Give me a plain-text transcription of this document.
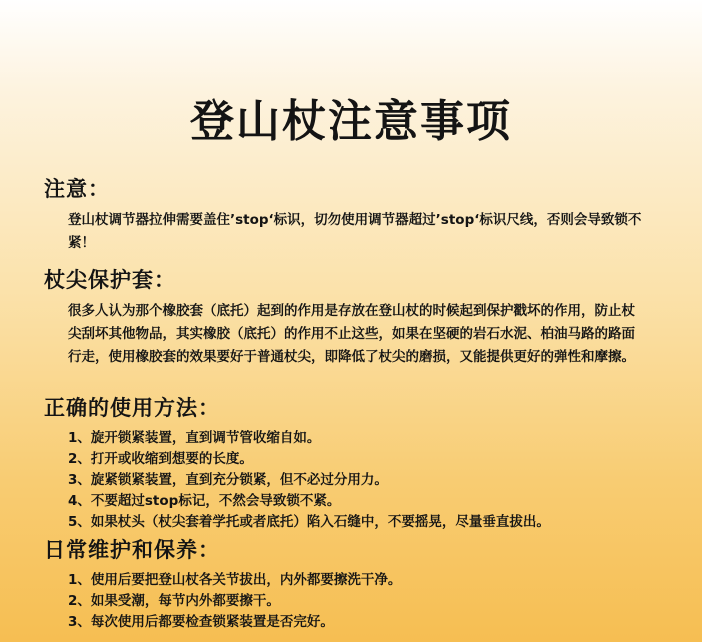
登山杖注意事项
注意：

登山杖调节器拉伸需要盖住’stop‘标识，切勿使用调节器超过’stop‘标识尺线，否则会导致锁不紧！

杖尖保护套：

很多人认为那个橡胶套（底托）起到的作用是存放在登山杖的时候起到保护戳坏的作用，防止杖尖刮坏其他物品，其实橡胶（底托）的作用不止这些，如果在坚硬的岩石水泥、柏油马路的路面行走，使用橡胶套的效果要好于普通杖尖，即降低了杖尖的磨损，又能提供更好的弹性和摩擦。

正确的使用方法：
1、旋开锁紧装置，直到调节管收缩自如。
2、打开或收缩到想要的长度。
3、旋紧锁紧装置，直到充分锁紧，但不必过分用力。
4、不要超过stop标记，不然会导致锁不紧。
5、如果杖头（杖尖套着学托或者底托）陷入石缝中，不要摇晃，尽量垂直拔出。
日常维护和保养：
1、使用后要把登山杖各关节拔出，内外都要擦洗干净。
2、如果受潮，每节内外都要擦干。
3、每次使用后都要检查锁紧装置是否完好。
